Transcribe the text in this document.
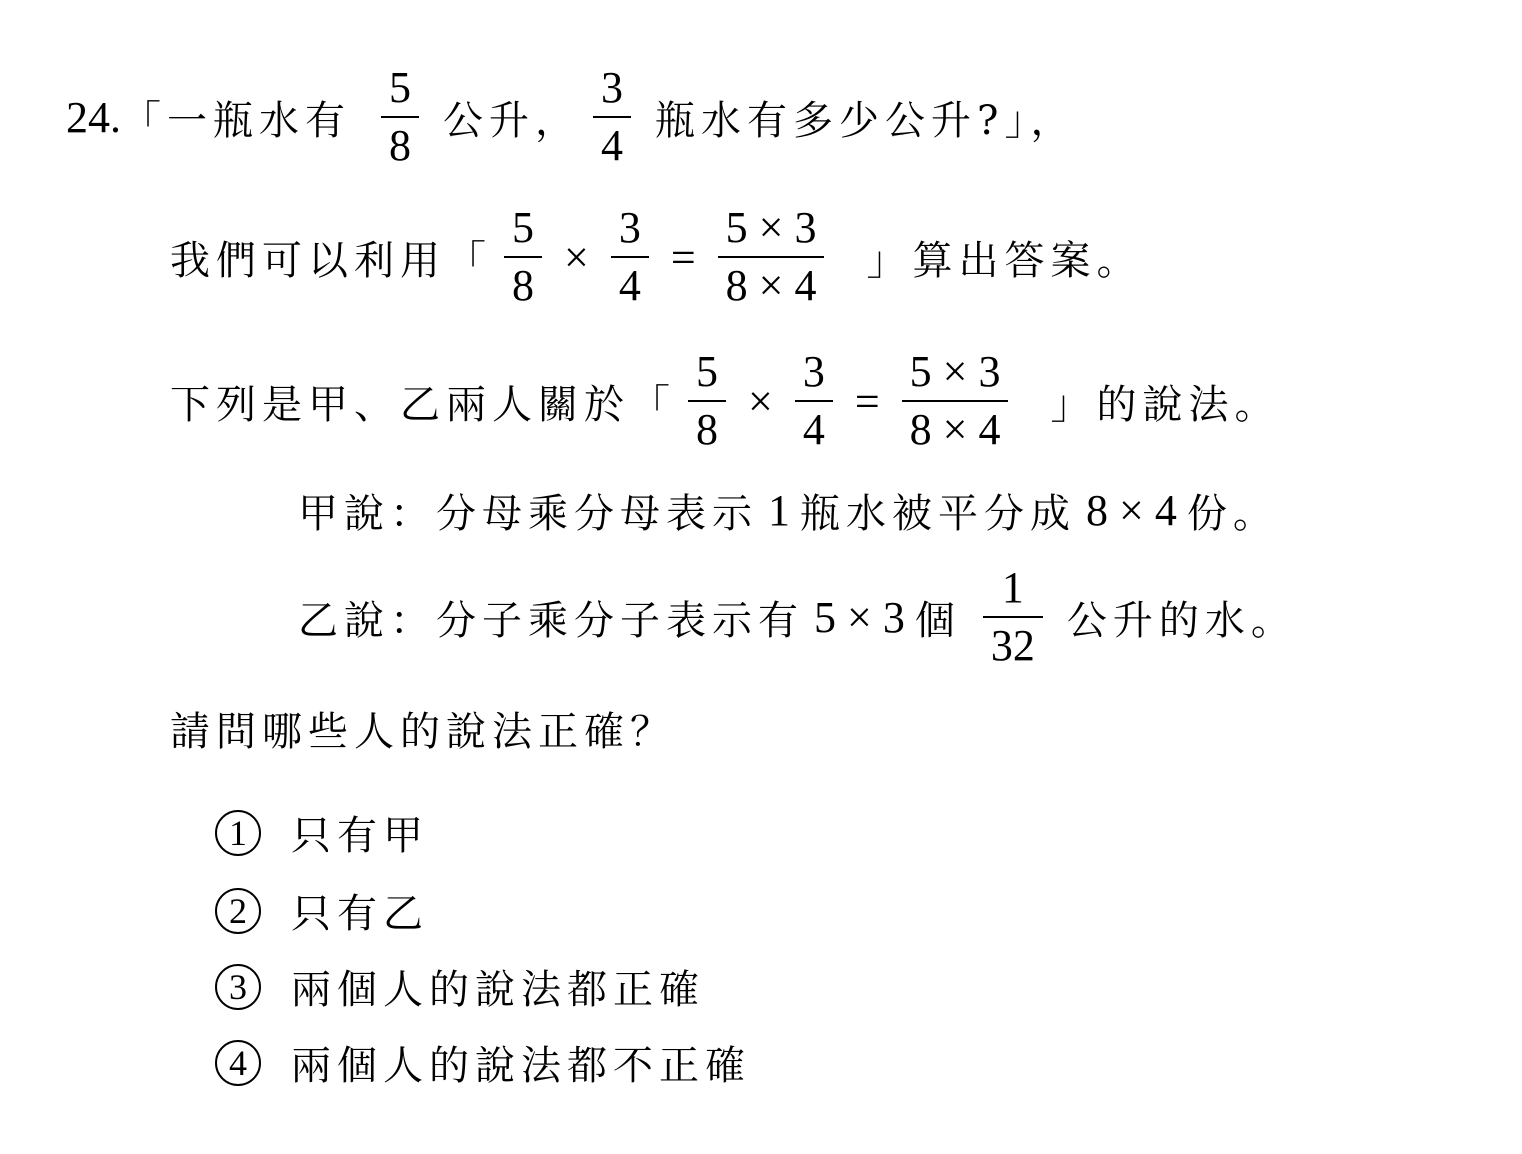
24. 「一瓶水有 $\frac{5}{8}$ 公升， $\frac{3}{4}$ 瓶水有多少公升?」，
我們可以利用「 $\frac{5}{8} \times \frac{3}{4} = \frac{5 \times 3}{8 \times 4}$ 」算出答案。
下列是甲、乙兩人關於「 $\frac{5}{8} \times \frac{3}{4} = \frac{5 \times 3}{8 \times 4}$ 」的說法。
甲說：分母乘分母表示 1 瓶水被平分成 8 × 4 份。
乙說：分子乘分子表示有 5 × 3 個 $\frac{1}{32}$ 公升的水。
請問哪些人的說法正確？
1	只有甲
2	只有乙
3	兩個人的說法都正確
4	兩個人的說法都不正確
